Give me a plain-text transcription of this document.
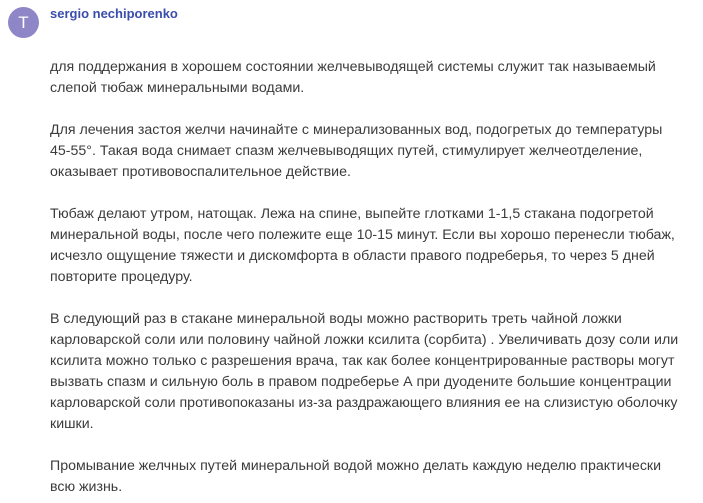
T	sergio nechiporenko

для поддержания в хорошем состоянии желчевыводящей системы служит так называемый
слепой тюбаж минеральными водами.

Для лечения застоя желчи начинайте с минерализованных вод, подогретых до температуры
45-55°. Такая вода снимает спазм желчевыводящих путей, стимулирует желчеотделение,
оказывает противовоспалительное действие.

Тюбаж делают утром, натощак. Лежа на спине, выпейте глотками 1-1,5 стакана подогретой
минеральной воды, после чего полежите еще 10-15 минут. Если вы хорошо перенесли тюбаж,
исчезло ощущение тяжести и дискомфорта в области правого подреберья, то через 5 дней
повторите процедуру.

В следующий раз в стакане минеральной воды можно растворить треть чайной ложки
карловарской соли или половину чайной ложки ксилита (сорбита) . Увеличивать дозу соли или
ксилита можно только с разрешения врача, так как более концентрированные растворы могут
вызвать спазм и сильную боль в правом подреберье А при дуодените большие концентрации
карловарской соли противопоказаны из-за раздражающего влияния ее на слизистую оболочку
кишки.

Промывание желчных путей минеральной водой можно делать каждую неделю практически
всю жизнь.
